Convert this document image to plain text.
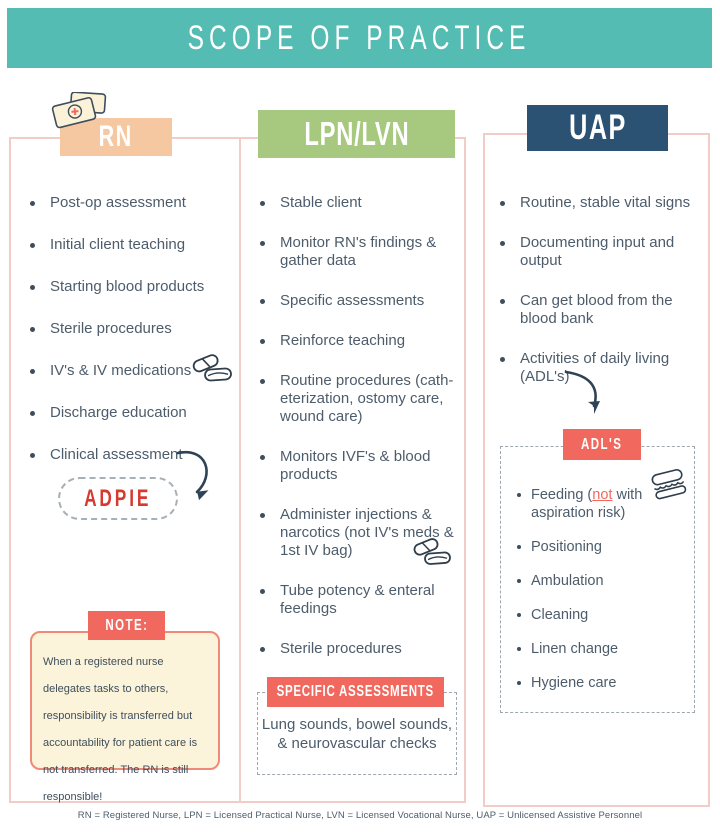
SCOPE OF PRACTICE
RN	LPN/LVN	UAP
Post-op assessment
Initial client teaching
Starting blood products
Sterile procedures
IV's & IV medications
Discharge education
Clinical assessment
ADPIE
NOTE:
When a registered nurse delegates tasks to others, responsibility is transferred but accountability for patient care is not transferred. The RN is still responsible!
Stable client
Monitor RN's findings & gather data
Specific assessments
Reinforce teaching
Routine procedures (cath-eterization, ostomy care, wound care)
Monitors IVF's & blood products
Administer injections & narcotics (not IV's meds & 1st IV bag)
Tube potency & enteral feedings
Sterile procedures
SPECIFIC ASSESSMENTS
Lung sounds, bowel sounds, & neurovascular checks
Routine, stable vital signs
Documenting input and output
Can get blood from the blood bank
Activities of daily living (ADL's)
ADL'S
Feeding (not with aspiration risk)
Positioning
Ambulation
Cleaning
Linen change
Hygiene care
RN = Registered Nurse, LPN = Licensed Practical Nurse, LVN = Licensed Vocational Nurse, UAP = Unlicensed Assistive Personnel
